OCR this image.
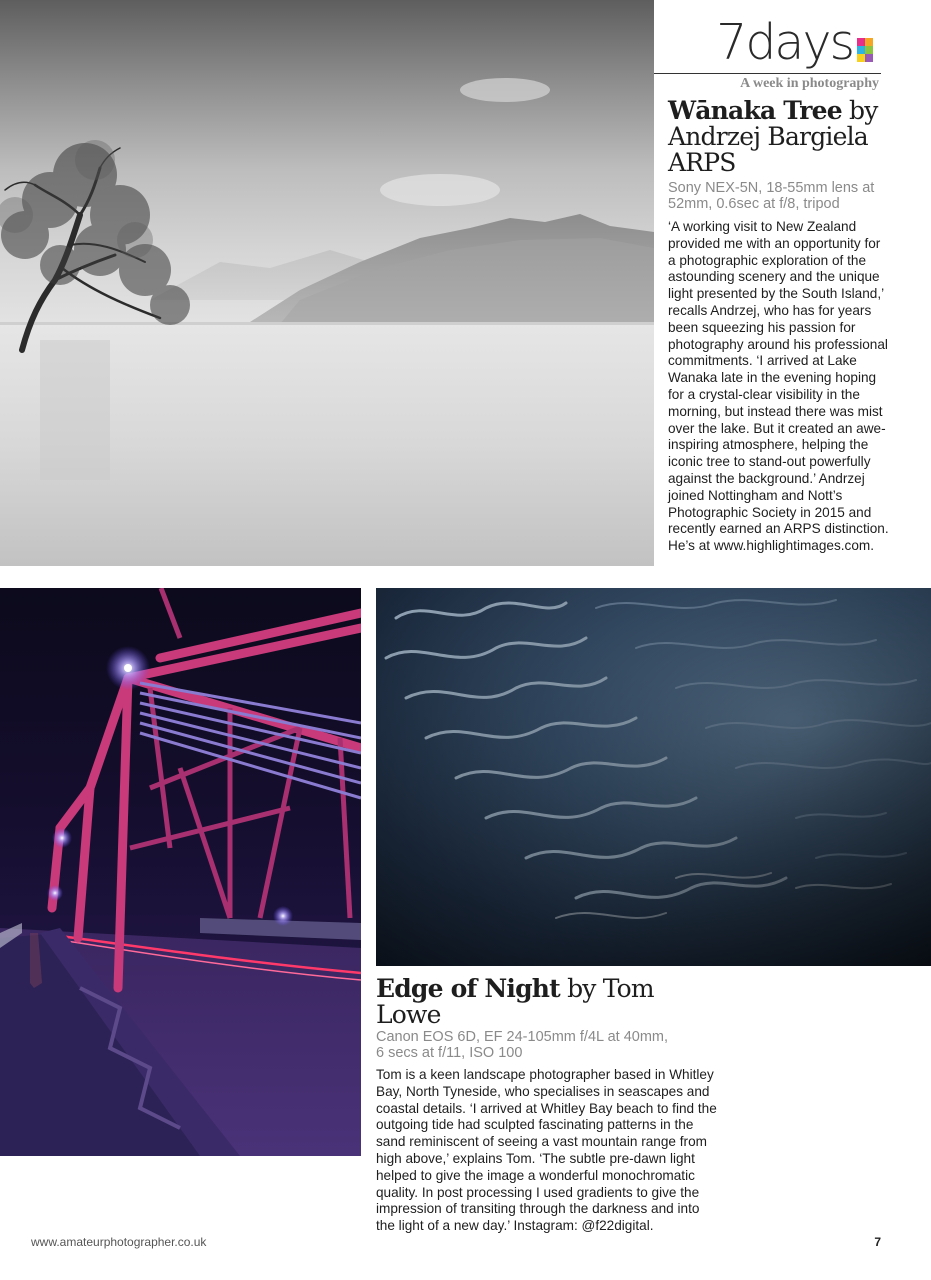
7days
A week in photography
Wānaka Tree by Andrzej Bargiela ARPS
Sony NEX-5N, 18-55mm lens at 52mm, 0.6sec at f/8, tripod
‘A working visit to New Zealand provided me with an opportunity for a photographic exploration of the astounding scenery and the unique light presented by the South Island,’ recalls Andrzej, who has for years been squeezing his passion for photography around his professional commitments. ‘I arrived at Lake Wanaka late in the evening hoping for a crystal-clear visibility in the morning, but instead there was mist over the lake. But it created an awe-inspiring atmosphere, helping the iconic tree to stand-out powerfully against the background.’ Andrzej joined Nottingham and Nott’s Photographic Society in 2015 and recently earned an ARPS distinction. He’s at www.highlightimages.com.
Edge of Night by Tom Lowe
Canon EOS 6D, EF 24-105mm f/4L at 40mm,
6 secs at f/11, ISO 100
Tom is a keen landscape photographer based in Whitley Bay, North Tyneside, who specialises in seascapes and coastal details. ‘I arrived at Whitley Bay beach to find the outgoing tide had sculpted fascinating patterns in the sand reminiscent of seeing a vast mountain range from high above,’ explains Tom. ‘The subtle pre-dawn light helped to give the image a wonderful monochromatic quality. In post processing I used gradients to give the impression of transiting through the darkness and into the light of a new day.’ Instagram: @f22digital.
www.amateurphotographer.co.uk	7
